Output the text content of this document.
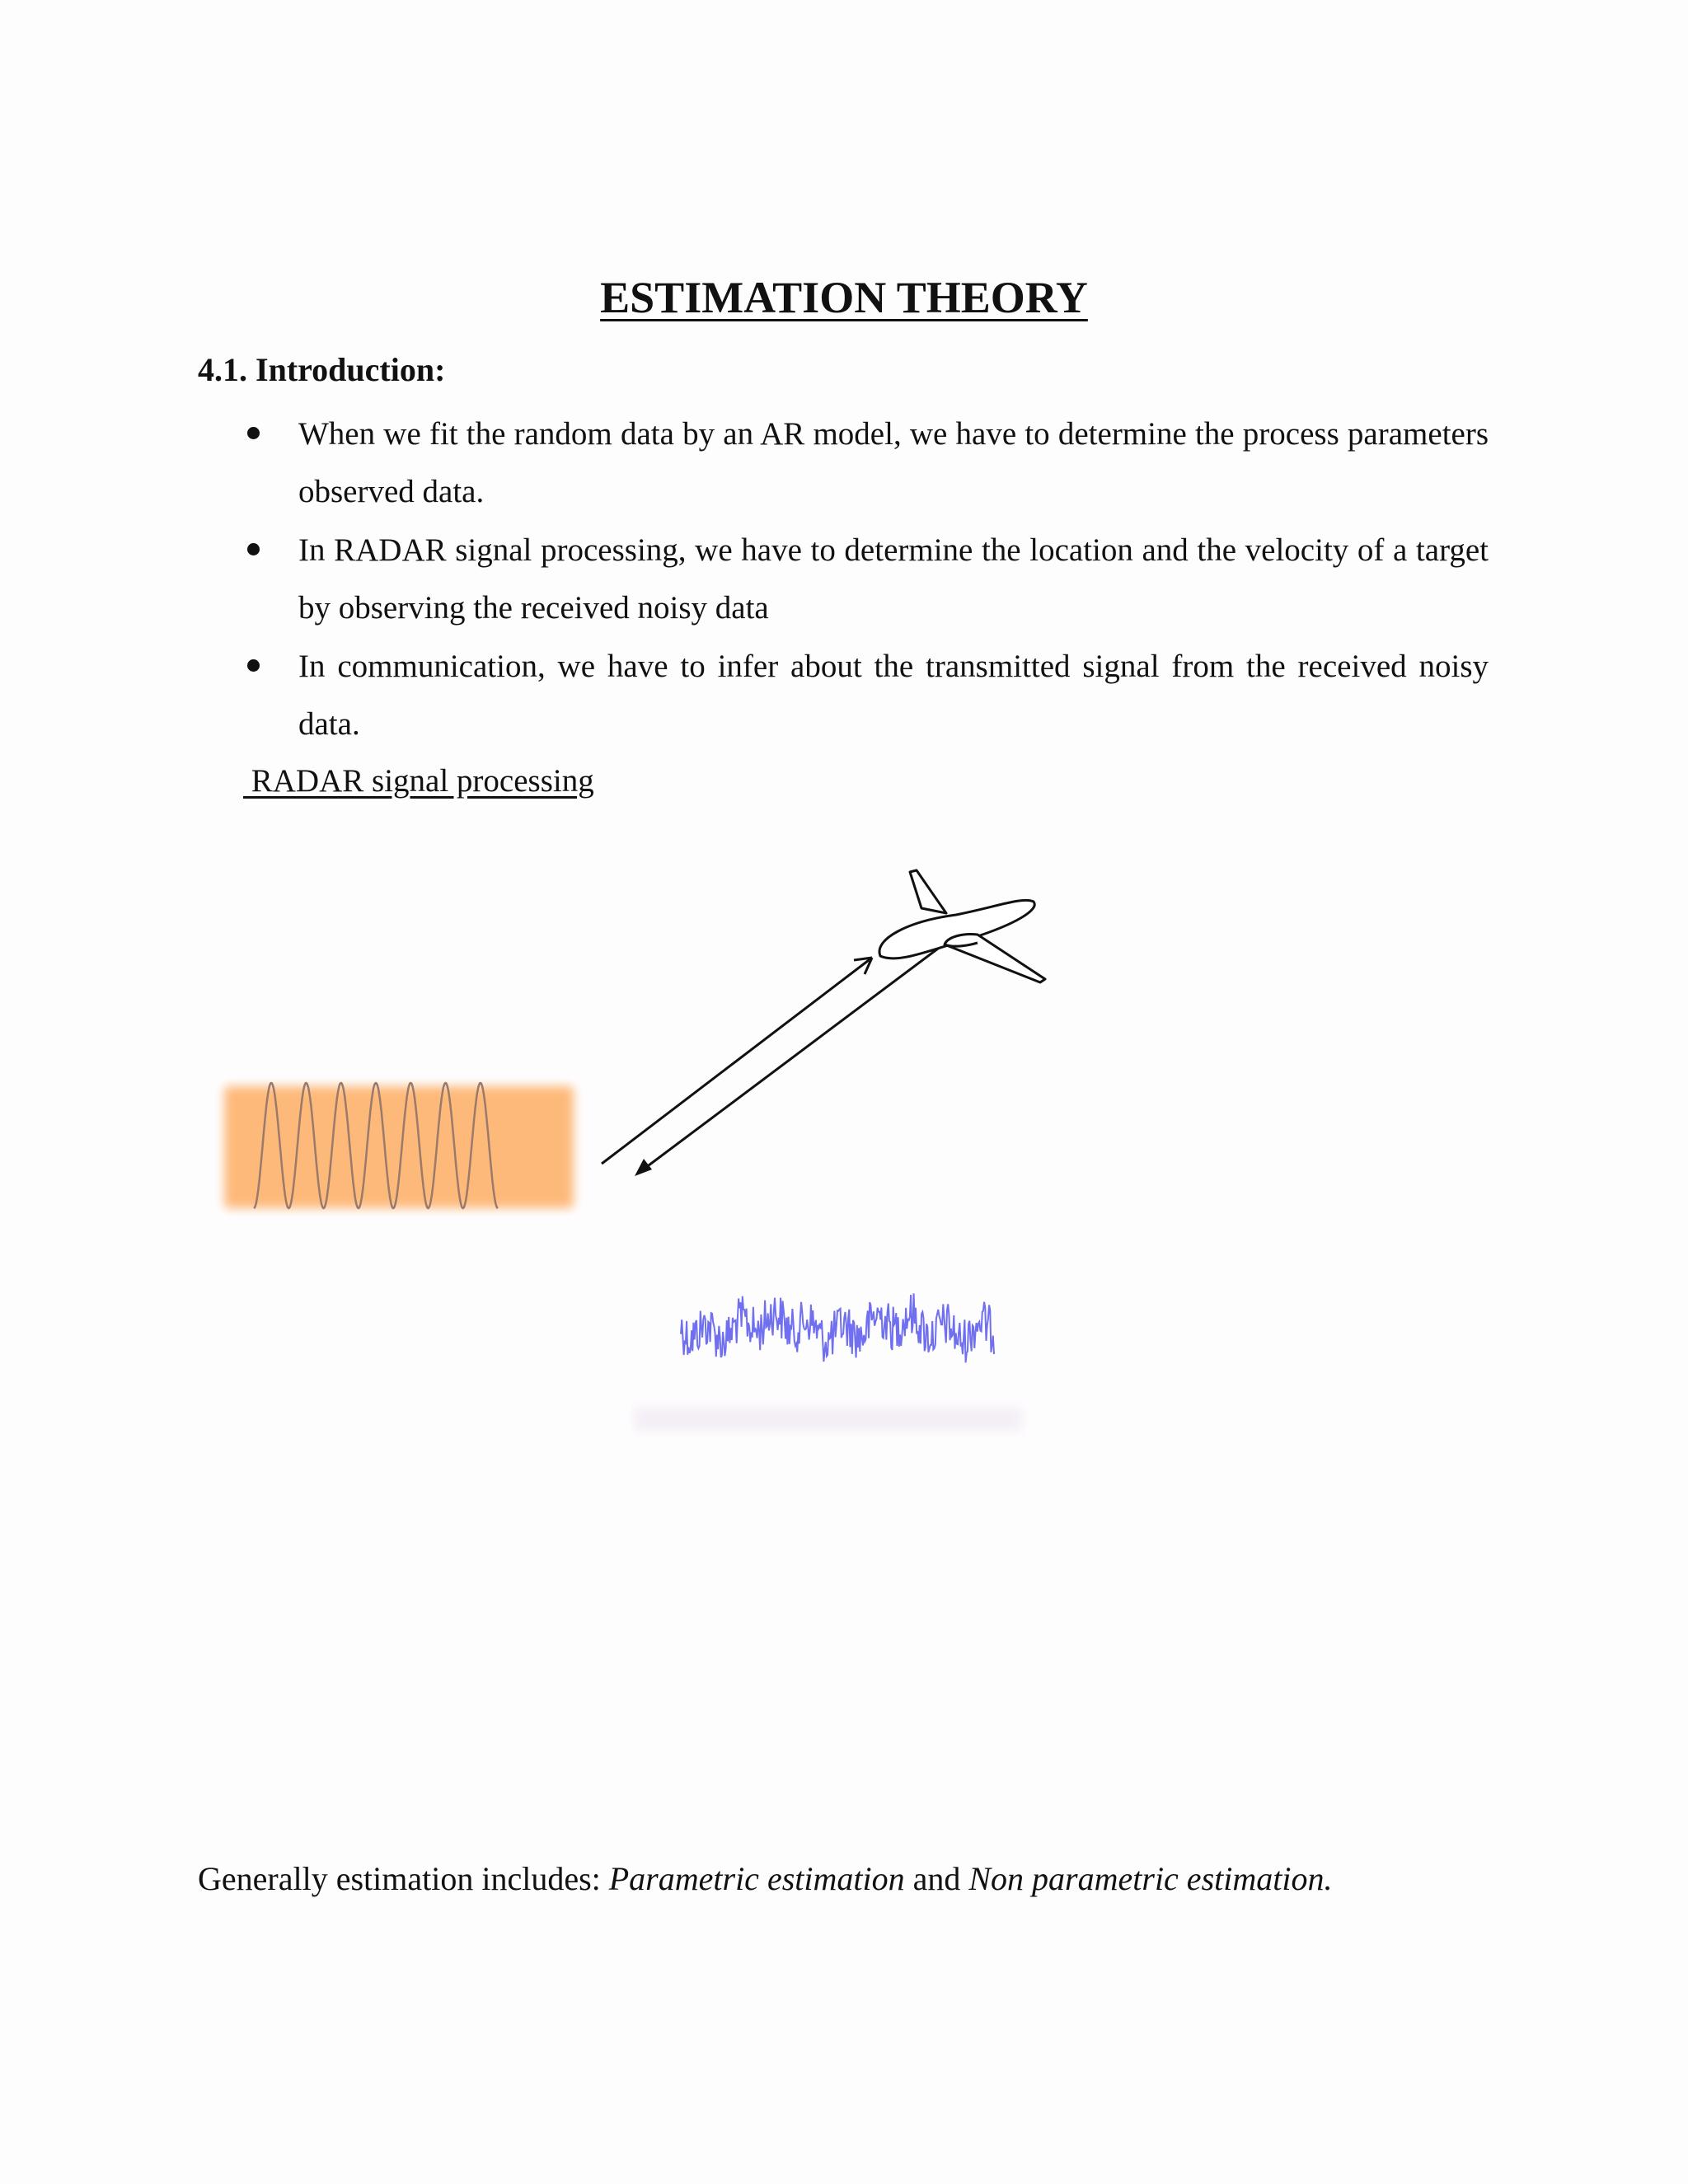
ESTIMATION THEORY
4.1. Introduction:
When we fit the random data by an AR model, we have to determine the process parameters observed data.
In RADAR signal processing, we have to determine the location and the velocity of a target by observing the received noisy data
In communication, we have to infer about the transmitted signal from the received noisy data.
RADAR signal processing

Generally estimation includes: Parametric estimation and Non parametric estimation.
